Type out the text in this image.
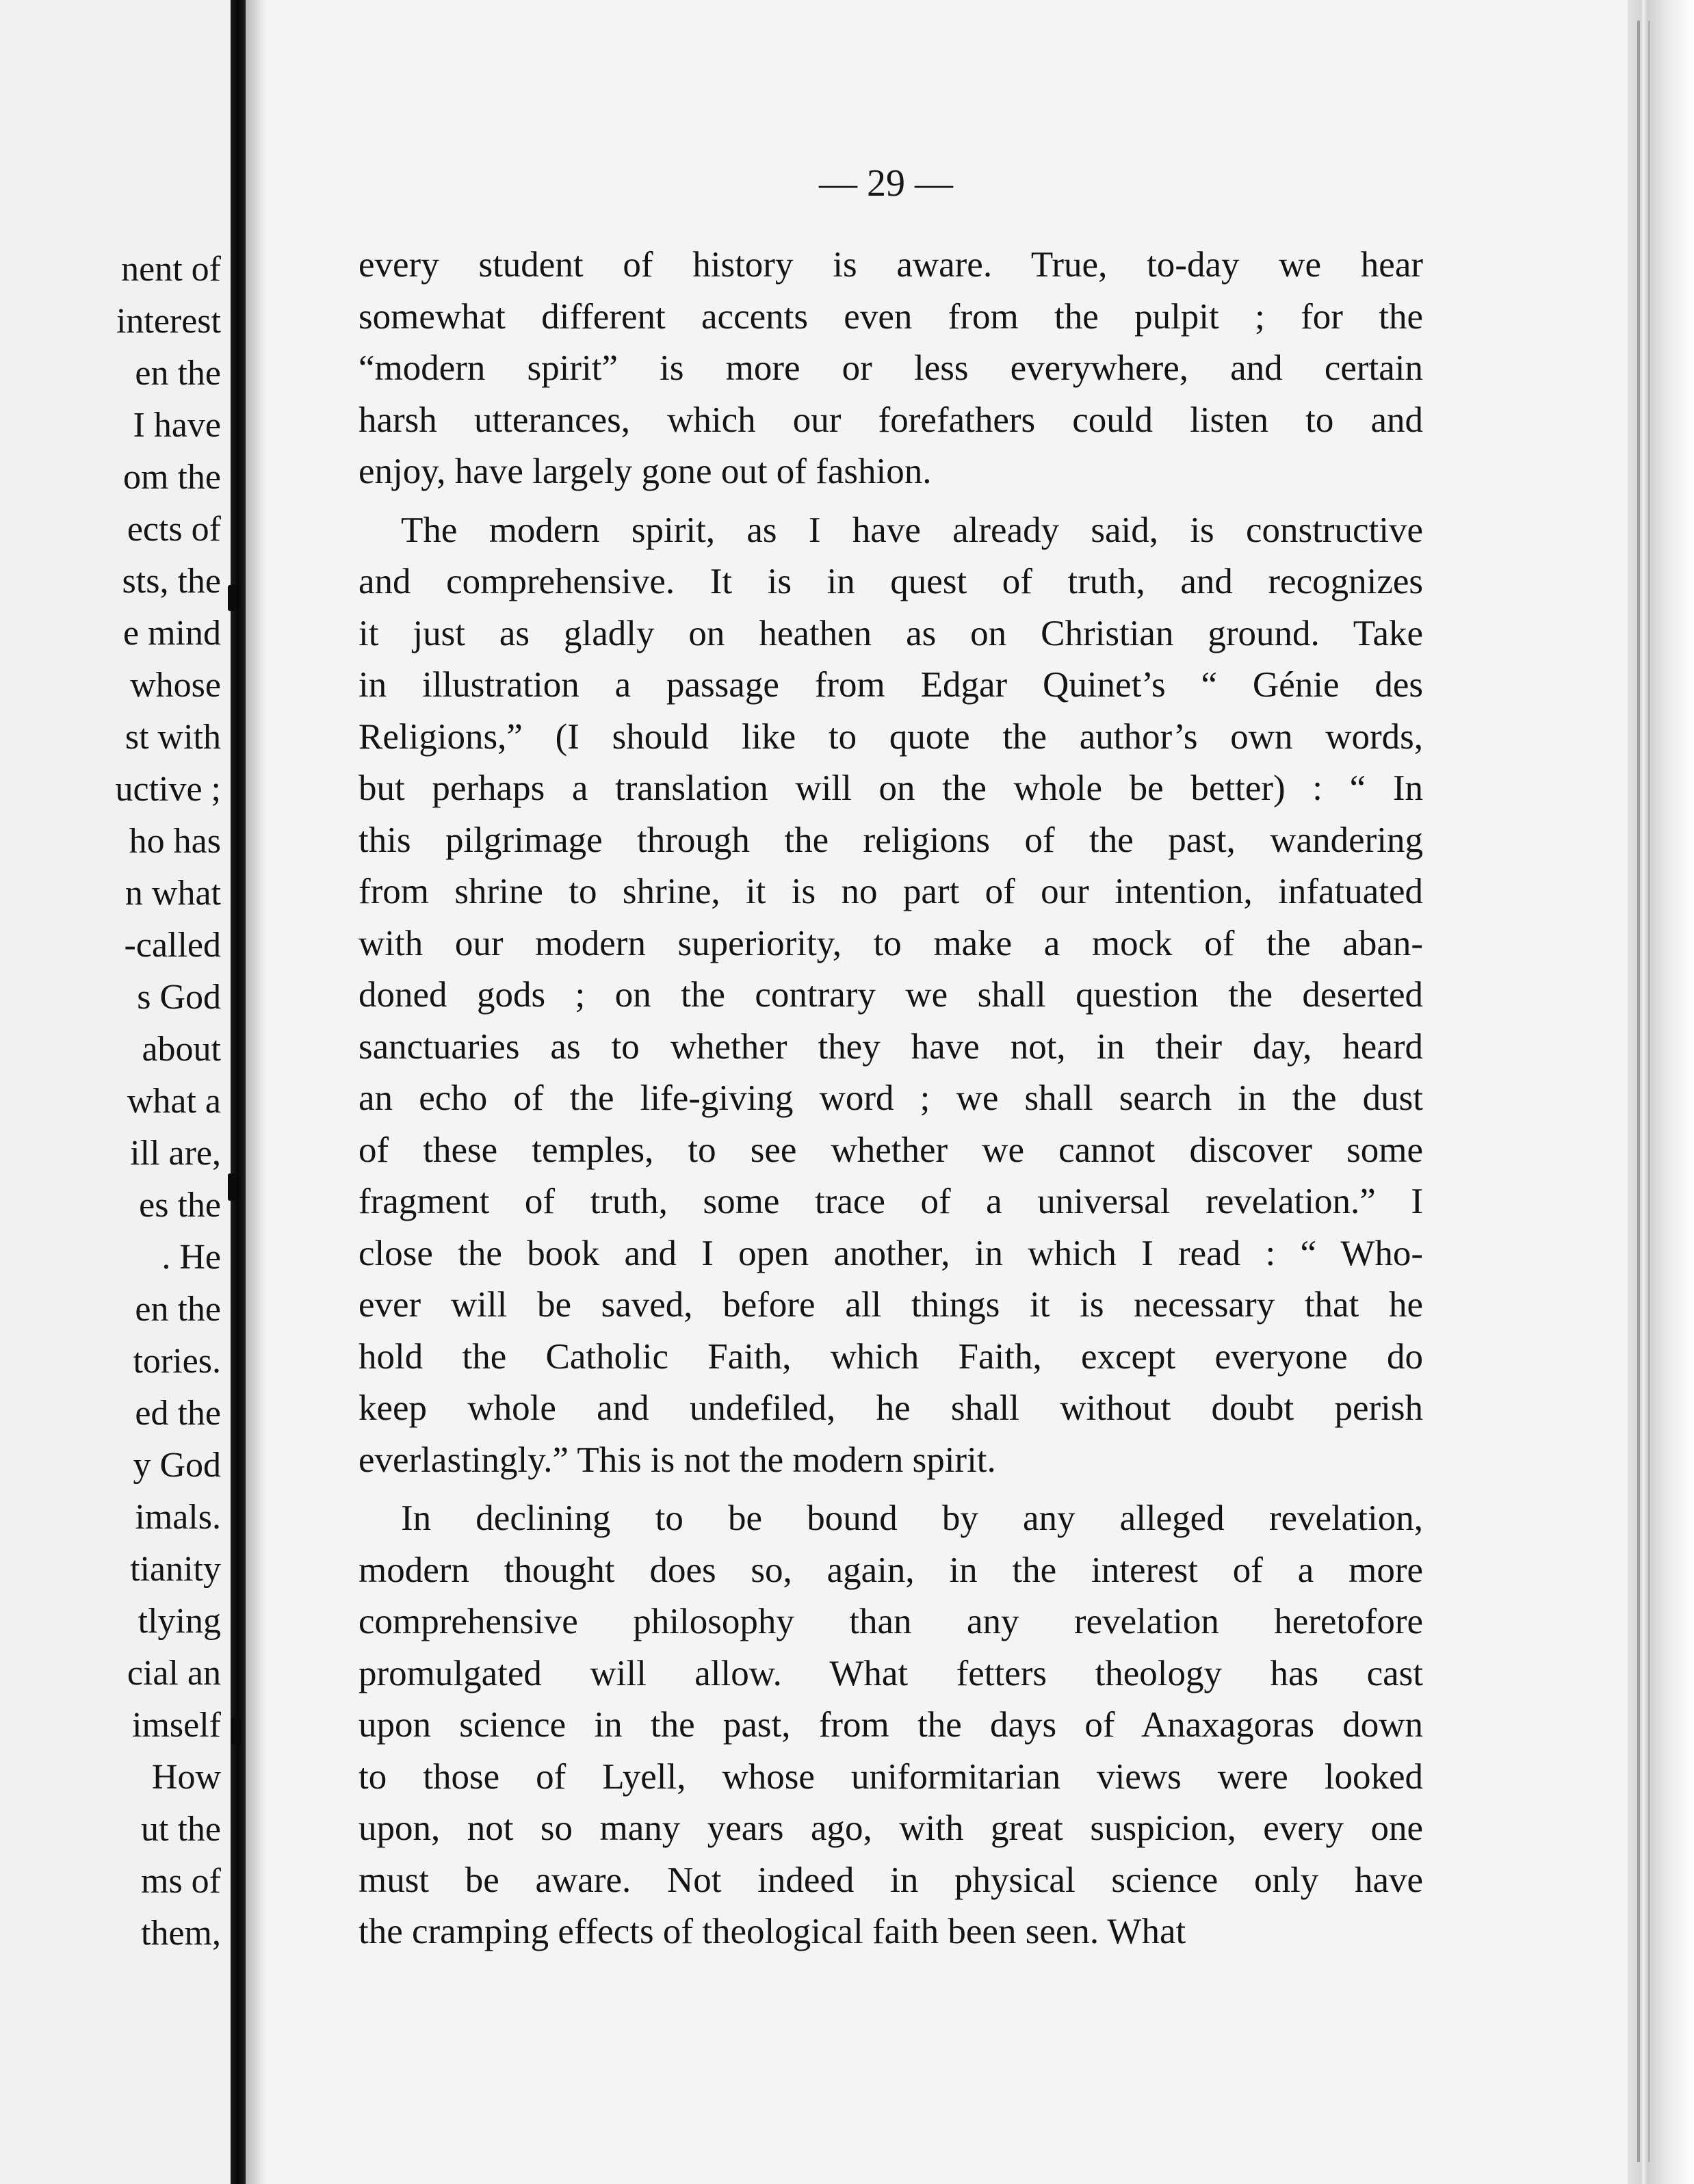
nent of
interest
en the
I have
om the
ects of
sts, the
e mind
whose
st with
uctive ;
ho has
n what
-called
s God
about
what a
ill are,
es the
. He
en the
tories.
ed the
y God
imals.
tianity
tlying
cial an
imself
How
ut the
ms of
them,
— 29 —
every student of history is aware. True, to-day we hear
somewhat different accents even from the pulpit ; for the
“modern spirit” is more or less everywhere, and certain
harsh utterances, which our forefathers could listen to and
enjoy, have largely gone out of fashion.
The modern spirit, as I have already said, is constructive
and comprehensive. It is in quest of truth, and recognizes
it just as gladly on heathen as on Christian ground. Take
in illustration a passage from Edgar Quinet’s “ Génie des
Religions,” (I should like to quote the author’s own words,
but perhaps a translation will on the whole be better) : “ In
this pilgrimage through the religions of the past, wandering
from shrine to shrine, it is no part of our intention, infatuated
with our modern superiority, to make a mock of the aban-
doned gods ; on the contrary we shall question the deserted
sanctuaries as to whether they have not, in their day, heard
an echo of the life-giving word ; we shall search in the dust
of these temples, to see whether we cannot discover some
fragment of truth, some trace of a universal revelation.” I
close the book and I open another, in which I read : “ Who-
ever will be saved, before all things it is necessary that he
hold the Catholic Faith, which Faith, except everyone do
keep whole and undefiled, he shall without doubt perish
everlastingly.” This is not the modern spirit.
In declining to be bound by any alleged revelation,
modern thought does so, again, in the interest of a more
comprehensive philosophy than any revelation heretofore
promulgated will allow. What fetters theology has cast
upon science in the past, from the days of Anaxagoras down
to those of Lyell, whose uniformitarian views were looked
upon, not so many years ago, with great suspicion, every one
must be aware. Not indeed in physical science only have
the cramping effects of theological faith been seen. What
